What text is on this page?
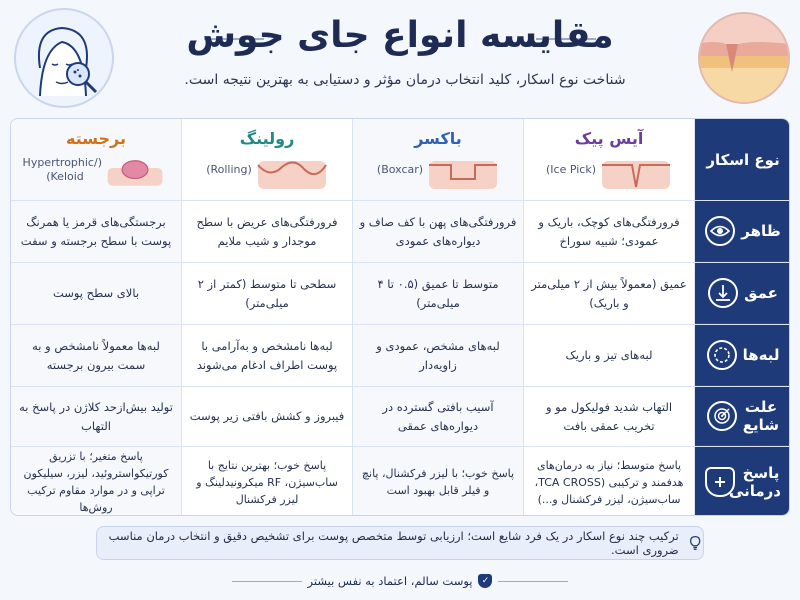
مقایسه انواع جای جوش

شناخت نوع اسکار، کلید انتخاب درمان مؤثر و دستیابی به بهترین نتیجه است.

نوع اسکار
آیس پیک
(Ice Pick)
باکسر
(Boxcar)
رولینگ
(Rolling)
برجسته
(Hypertrophic/ Keloid)
ظاهر
فرورفتگی‌های کوچک، باریک و عمودی؛ شبیه سوراخ
فرورفتگی‌های پهن با کف صاف و دیواره‌های عمودی
فرورفتگی‌های عریض با سطح موجدار و شیب ملایم
برجستگی‌های قرمز یا همرنگ پوست با سطح برجسته و سفت
عمق
عمیق (معمولاً بیش از ۲ میلی‌متر و باریک)
متوسط تا عمیق (۰.۵ تا ۴ میلی‌متر)
سطحی تا متوسط (کمتر از ۲ میلی‌متر)
بالای سطح پوست
لبه‌ها
لبه‌های تیز و باریک
لبه‌های مشخص، عمودی و زاویه‌دار
لبه‌ها نامشخص و به‌آرامی با پوست اطراف ادغام می‌شوند
لبه‌ها معمولاً نامشخص و به سمت بیرون برجسته
علت شایع
التهاب شدید فولیکول مو و تخریب عمقی بافت
آسیب بافتی گسترده در دیواره‌های عمقی
فیبروز و کشش بافتی زیر پوست
تولید بیش‌ازحد کلاژن در پاسخ به التهاب
پاسخ درمانی
پاسخ متوسط؛ نیاز به درمان‌های هدفمند و ترکیبی (TCA CROSS، ساب‌سیژن، لیزر فرکشنال و...)
پاسخ خوب؛ با لیزر فرکشنال، پانچ و فیلر قابل بهبود است
پاسخ خوب؛ بهترین نتایج با ساب‌سیژن، RF میکرونیدلینگ و لیزر فرکشنال
پاسخ متغیر؛ با تزریق کورتیکواستروئید، لیزر، سیلیکون تراپی و در موارد مقاوم ترکیب روش‌ها
ترکیب چند نوع اسکار در یک فرد شایع است؛ ارزیابی توسط متخصص پوست برای تشخیص دقیق و انتخاب درمان مناسب ضروری است.
✓
پوست سالم، اعتماد به نفس بیشتر
